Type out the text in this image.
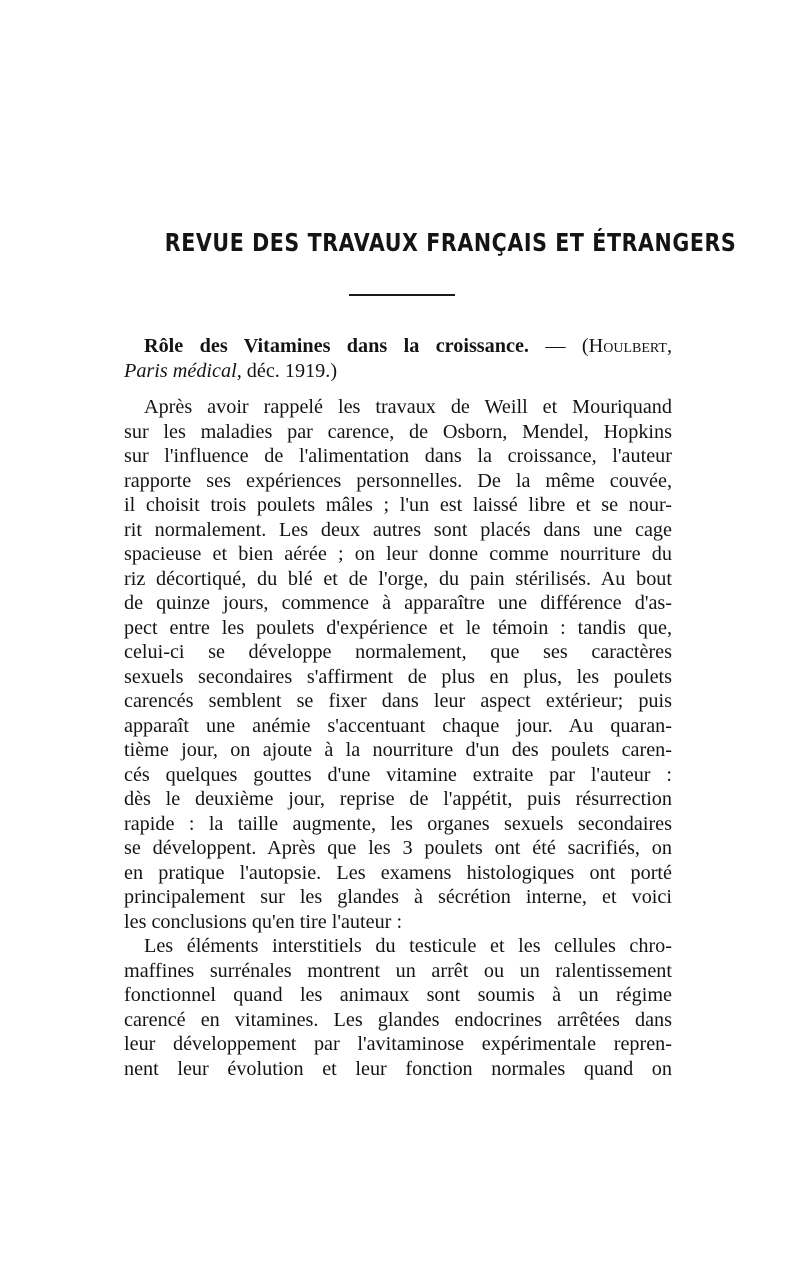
REVUE DES TRAVAUX FRANÇAIS ET ÉTRANGERS
Rôle des Vitamines dans la croissance. — (Houlbert,
Paris médical, déc. 1919.)
Après avoir rappelé les travaux de Weill et Mouriquand
sur les maladies par carence, de Osborn, Mendel, Hopkins
sur l'influence de l'alimentation dans la croissance, l'auteur
rapporte ses expériences personnelles. De la même couvée,
il choisit trois poulets mâles ; l'un est laissé libre et se nour-
rit normalement. Les deux autres sont placés dans une cage
spacieuse et bien aérée ; on leur donne comme nourriture du
riz décortiqué, du blé et de l'orge, du pain stérilisés. Au bout
de quinze jours, commence à apparaître une différence d'as-
pect entre les poulets d'expérience et le témoin : tandis que,
celui-ci se développe normalement, que ses caractères
sexuels secondaires s'affirment de plus en plus, les poulets
carencés semblent se fixer dans leur aspect extérieur; puis
apparaît une anémie s'accentuant chaque jour. Au quaran-
tième jour, on ajoute à la nourriture d'un des poulets caren-
cés quelques gouttes d'une vitamine extraite par l'auteur :
dès le deuxième jour, reprise de l'appétit, puis résurrection
rapide : la taille augmente, les organes sexuels secondaires
se développent. Après que les 3 poulets ont été sacrifiés, on
en pratique l'autopsie. Les examens histologiques ont porté
principalement sur les glandes à sécrétion interne, et voici
les conclusions qu'en tire l'auteur :
Les éléments interstitiels du testicule et les cellules chro-
maffines surrénales montrent un arrêt ou un ralentissement
fonctionnel quand les animaux sont soumis à un régime
carencé en vitamines. Les glandes endocrines arrêtées dans
leur développement par l'avitaminose expérimentale repren-
nent leur évolution et leur fonction normales quand on
